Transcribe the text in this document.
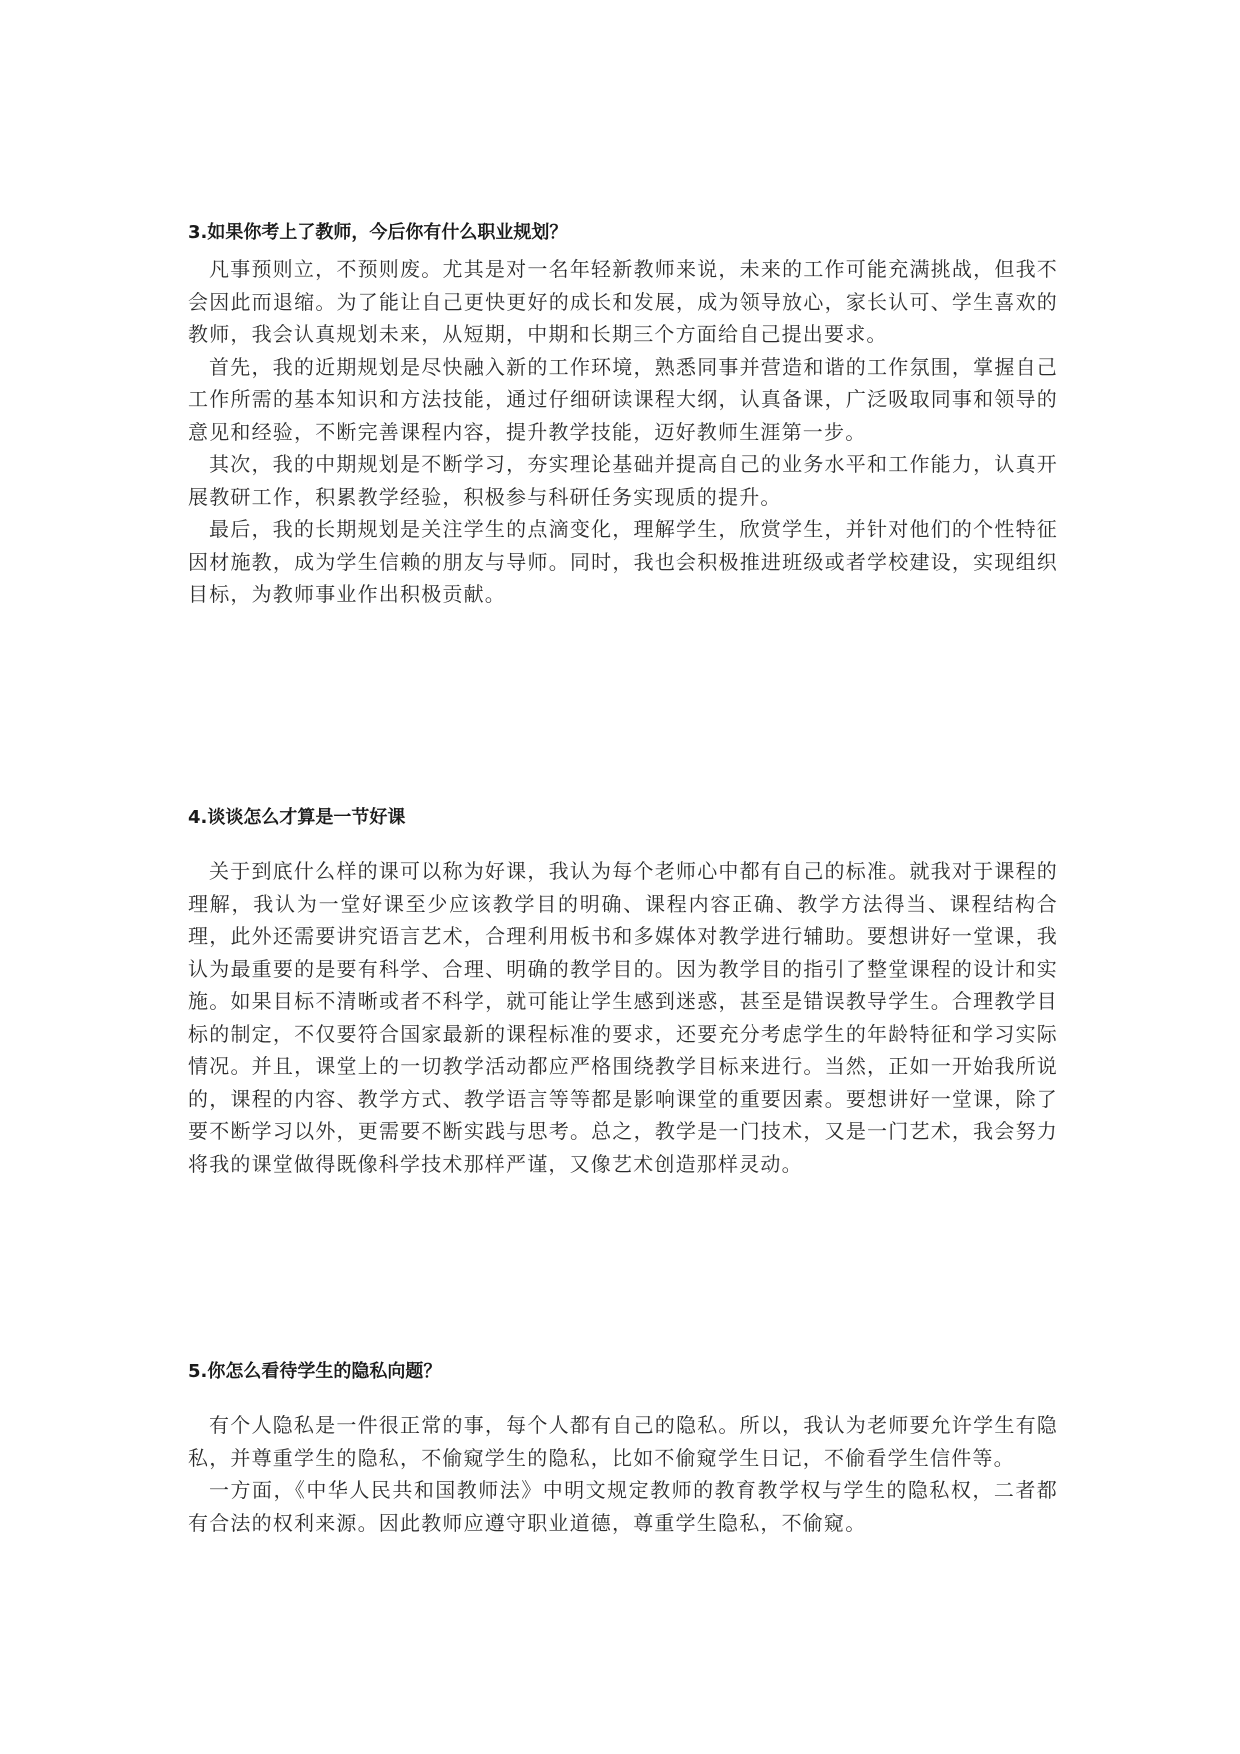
3.如果你考上了教师，今后你有什么职业规划？

凡事预则立，不预则废。尤其是对一名年轻新教师来说，未来的工作可能充满挑战，但我不会因此而退缩。为了能让自己更快更好的成长和发展，成为领导放心，家长认可、学生喜欢的教师，我会认真规划未来，从短期，中期和长期三个方面给自己提出要求。

首先，我的近期规划是尽快融入新的工作环境，熟悉同事并营造和谐的工作氛围，掌握自己工作所需的基本知识和方法技能，通过仔细研读课程大纲，认真备课，广泛吸取同事和领导的意见和经验，不断完善课程内容，提升教学技能，迈好教师生涯第一步。

其次，我的中期规划是不断学习，夯实理论基础并提高自己的业务水平和工作能力，认真开展教研工作，积累教学经验，积极参与科研任务实现质的提升。

最后，我的长期规划是关注学生的点滴变化，理解学生，欣赏学生，并针对他们的个性特征因材施教，成为学生信赖的朋友与导师。同时，我也会积极推进班级或者学校建设，实现组织目标，为教师事业作出积极贡献。

4.谈谈怎么才算是一节好课

关于到底什么样的课可以称为好课，我认为每个老师心中都有自己的标准。就我对于课程的理解，我认为一堂好课至少应该教学目的明确、课程内容正确、教学方法得当、课程结构合理，此外还需要讲究语言艺术，合理利用板书和多媒体对教学进行辅助。要想讲好一堂课，我认为最重要的是要有科学、合理、明确的教学目的。因为教学目的指引了整堂课程的设计和实施。如果目标不清晰或者不科学，就可能让学生感到迷惑，甚至是错误教导学生。合理教学目标的制定，不仅要符合国家最新的课程标准的要求，还要充分考虑学生的年龄特征和学习实际情况。并且，课堂上的一切教学活动都应严格围绕教学目标来进行。当然，正如一开始我所说的，课程的内容、教学方式、教学语言等等都是影响课堂的重要因素。要想讲好一堂课，除了要不断学习以外，更需要不断实践与思考。总之，教学是一门技术，又是一门艺术，我会努力将我的课堂做得既像科学技术那样严谨，又像艺术创造那样灵动。

5.你怎么看待学生的隐私向题？

有个人隐私是一件很正常的事，每个人都有自己的隐私。所以，我认为老师要允许学生有隐私，并尊重学生的隐私，不偷窥学生的隐私，比如不偷窥学生日记，不偷看学生信件等。

一方面，《中华人民共和国教师法》中明文规定教师的教育教学权与学生的隐私权，二者都有合法的权利来源。因此教师应遵守职业道德，尊重学生隐私，不偷窥。
